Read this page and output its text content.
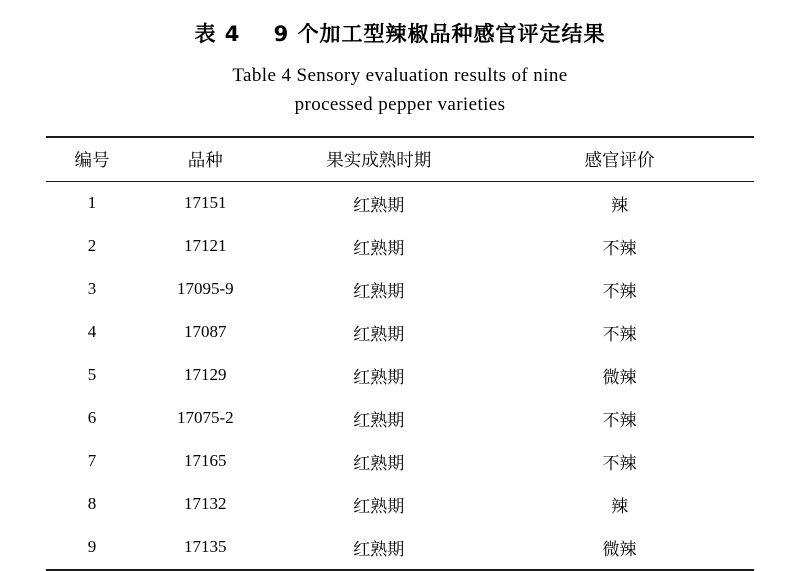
表 4    9 个加工型辣椒品种感官评定结果
Table 4 Sensory evaluation results of nine
processed pepper varieties
编号	品种	果实成熟时期	感官评价
1	17151	红熟期	辣
2	17121	红熟期	不辣
3	17095-9	红熟期	不辣
4	17087	红熟期	不辣
5	17129	红熟期	微辣
6	17075-2	红熟期	不辣
7	17165	红熟期	不辣
8	17132	红熟期	辣
9	17135	红熟期	微辣
